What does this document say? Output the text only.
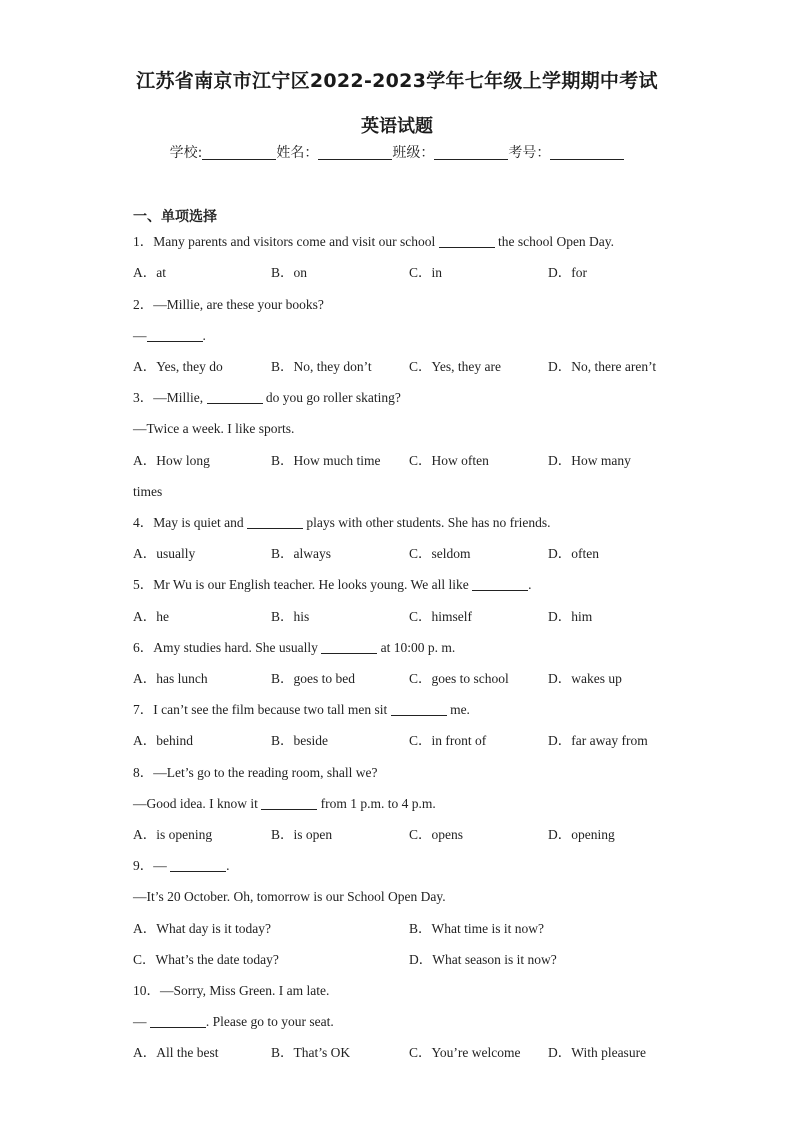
江苏省南京市江宁区2022-2023学年七年级上学期期中考试
英语试题
学校:	姓名：	班级：	考号：
一、单项选择
1．Many parents and visitors come and visit our school	the school Open Day.
A．at	B．on	C．in	D．for
2．—Millie, are these your books?
—	.
A．Yes, they do	B．No, they don’t	C．Yes, they are	D．No, there aren’t
3．—Millie,	do you go roller skating?
—Twice a week. I like sports.
A．How long	B．How much time C．How often	D．How many
times
4．May is quiet and	plays with other students. She has no friends.
A．usually	B．always	C．seldom	D．often
5．Mr Wu is our English teacher. He looks young. We all like	.
A．he	B．his	C．himself	D．him
6．Amy studies hard. She usually	at 10:00 p. m.
A．has lunch	B．goes to bed	C．goes to school	D．wakes up
7．I can’t see the film because two tall men sit	me.
A．behind	B．beside	C．in front of	D．far away from
8．—Let’s go to the reading room, shall we?
—Good idea. I know it	from 1 p.m. to 4 p.m.
A．is opening	B．is open	C．opens	D．opening
9．—	.
—It’s 20 October. Oh, tomorrow is our School Open Day.
A．What day is it today?	B．What time is it now?
C．What’s the date today?	D．What season is it now?
10．—Sorry, Miss Green. I am late.
—	. Please go to your seat.
A．All the best	B．That’s OK	C．You’re welcome D．With pleasure
